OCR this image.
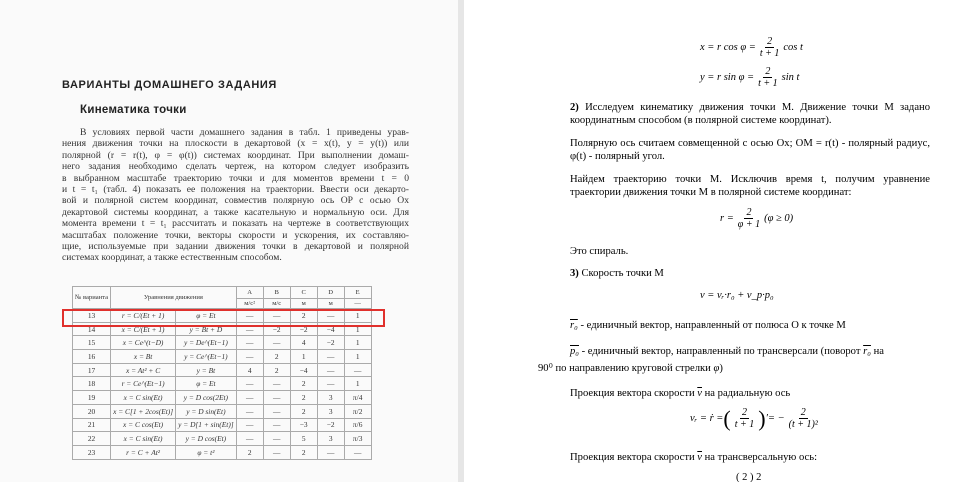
ВАРИАНТЫ ДОМАШНЕГО ЗАДАНИЯ
Кинематика точки
В условиях первой части домашнего задания в табл. 1 приведены урав-
нения движения точки на плоскости в декартовой (x = x(t), y = y(t)) или
полярной (r = r(t), φ = φ(t)) системах координат. При выполнении домаш-
него задания необходимо сделать чертеж, на котором следует изобразить
в выбранном масштабе траекторию точки и для моментов времени t = 0
и t = t₁ (табл. 4) показать ее положения на траектории. Ввести оси декарто-
вой и полярной систем координат, совместив полярную ось OP с осью Ox
декартовой системы координат, а также касательную и нормальную оси. Для
момента времени t = t₁ рассчитать и показать на чертеже в соответствующих
масштабах положение точки, векторы скорости и ускорения, их составляю-
щие, используемые при задании движения точки в декартовой и полярной
системах координат, а также естественным способом.
№ варианта	Уравнения движения		A	B	C	D	E
			м/с²	м/с	м	м	—
13	r = C/(Et + 1)	φ = Et	—	—	2	—	1
14	x = C/(Et + 1)	y = Bt + D	—	−2	−2	−4	1
15	x = Ce^(t−D)	y = De^(Et−1)	—	—	4	−2	1
16	x = Bt	y = Ce^(Et−1)	—	2	1	—	1
17	x = At² + C	y = Bt	4	2	−4	—	—
18	r = Ce^(Et−1)	φ = Et	—	—	2	—	1
19	x = C sin(Et)	y = D cos(2Et)	—	—	2	3	π/4
20	x = C[1 + 2cos(Et)]	y = D sin(Et)	—	—	2	3	π/2
21	x = C cos(Et)	y = D[1 + sin(Et)]	—	—	−3	−2	π/6
22	x = C sin(Et)	y = D cos(Et)	—	—	5	3	π/3
23	r = C + At²	φ = t²	2	—	2	—	—
x = r $\cos \varphi = \frac{2}{t + 1}$ cos t
y = r $\sin \varphi = \frac{2}{t + 1}$ sin t
2) Исследуем кинематику движения точки M. Движение точки M задано координатным способом (в полярной системе координат).
Полярную ось считаем совмещенной с осью Ox; OM = r(t) - полярный радиус, φ(t) - полярный угол.
Найдем траекторию точки M. Исключив время t, получим уравнение траектории движения точки M в полярной системе координат:
$r = \frac{2}{\varphi + 1} (\varphi \ge 0)$
Это спираль.
3) Скорость точки M
v = vᵣ·r₀ + v_p·p₀
r₀ - единичный вектор, направленный от полюса O к точке M
p₀ - единичный вектор, направленный по трансверсали (поворот r₀ на
90⁰ по направлению круговой стрелки φ)
Проекция вектора скорости $\overline{v}$ на радиальную ось
vᵣ = ṙ = ( $\frac{2}{t + 1}$ ) ′ = − $\frac{2}{\text{(t + 1)²}}$
Проекция вектора скорости $\overline{v}$ на трансверсальную ось:
( 2 ) 2
